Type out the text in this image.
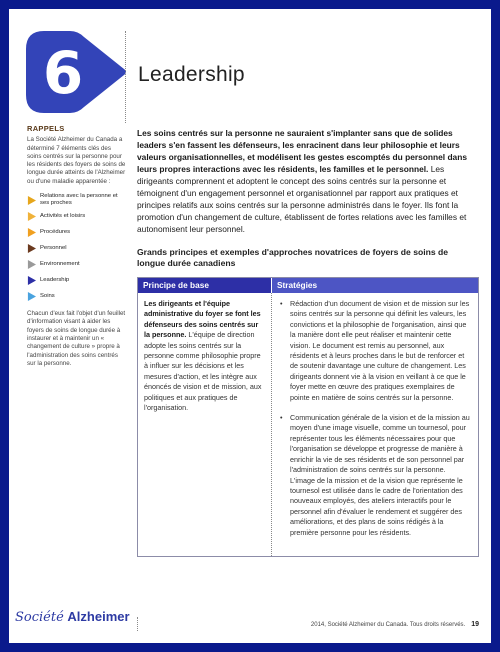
6	Leadership
RAPPELS
La Société Alzheimer du Canada a déterminé 7 éléments clés des soins centrés sur la personne pour les résidents des foyers de soins de longue durée atteints de l'Alzheimer ou d'une maladie apparentée :
Relations avec la personne et ses proches
Activités et loisirs
Procédures
Personnel
Environnement
Leadership
Soins
Chacun d'eux fait l'objet d'un feuillet d'information visant à aider les foyers de soins de longue durée à instaurer et à maintenir un « changement de culture » propre à l'administration des soins centrés sur la personne.

Les soins centrés sur la personne ne sauraient s'implanter sans que de solides leaders s'en fassent les défenseurs, les enracinent dans leur philosophie et leurs valeurs organisationnelles, et modélisent les gestes escomptés du personnel dans leurs propres interactions avec les résidents, les familles et le personnel. Les dirigeants comprennent et adoptent le concept des soins centrés sur la personne et témoignent d'un engagement personnel et organisationnel par rapport aux pratiques et principes relatifs aux soins centrés sur la personne administrés dans le foyer. Ils font la promotion d'un changement de culture, établissent de fortes relations avec les familles et autonomisent leur personnel.

Grands principes et exemples d'approches novatrices de foyers de soins de longue durée canadiens
Principe de base	Stratégies
Les dirigeants et l'équipe administrative du foyer se font les défenseurs des soins centrés sur la personne. L'équipe de direction adopte les soins centrés sur la personne comme philosophie propre à influer sur les décisions et les mesures d'action, et les intègre aux énoncés de vision et de mission, aux politiques et aux pratiques de l'organisation.
•	Rédaction d'un document de vision et de mission sur les soins centrés sur la personne qui définit les valeurs, les convictions et la philosophie de l'organisation, ainsi que la manière dont elle peut réaliser et maintenir cette vision. Le document est remis au personnel, aux résidents et à leurs proches dans le but de renforcer et de soutenir davantage une culture de changement. Les dirigeants donnent vie à la vision en veillant à ce que le foyer mette en œuvre des pratiques exemplaires de pointe en matière de soins centrés sur la personne.
•	Communication générale de la vision et de la mission au moyen d'une image visuelle, comme un tournesol, pour représenter tous les éléments nécessaires pour que l'organisation se développe et progresse de manière à enrichir la vie de ses résidents et de son personnel par l'administration de soins centrés sur la personne. L'image de la mission et de la vision que représente le tournesol est utilisée dans le cadre de l'orientation des nouveaux employés, des ateliers interactifs pour le personnel afin d'évaluer le rendement et suggérer des améliorations, et des plans de soins rédigés à la première personne pour les résidents.
Société Alzheimer
2014, Société Alzheimer du Canada. Tous droits réservés. 19
